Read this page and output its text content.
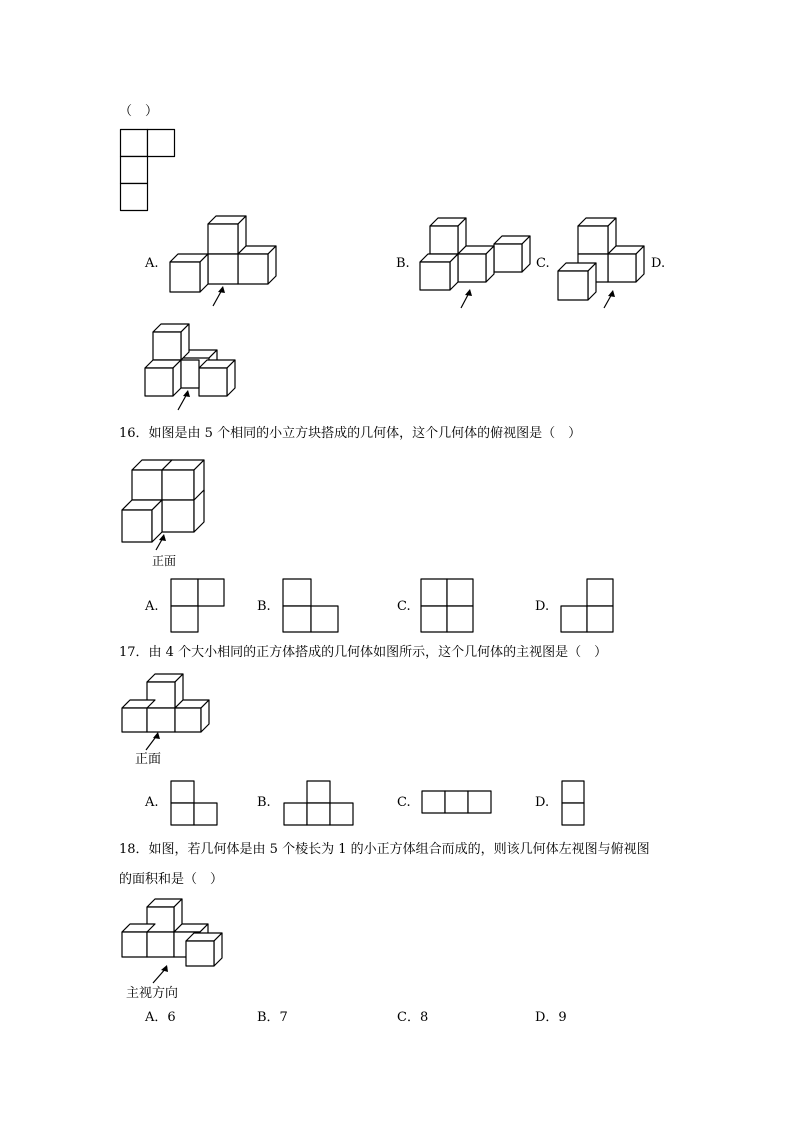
（　）
A.	B.	C.	D.
16．如图是由 5 个相同的小立方块搭成的几何体，这个几何体的俯视图是（　）
正面
A.	B.	C.	D.
17．由 4 个大小相同的正方体搭成的几何体如图所示，这个几何体的主视图是（　）
正面
A.	B.	C.	D.
18．如图，若几何体是由 5 个棱长为 1 的小正方体组合而成的，则该几何体左视图与俯视图
的面积和是（　）
主视方向
A．6	B．7	C．8	D．9
